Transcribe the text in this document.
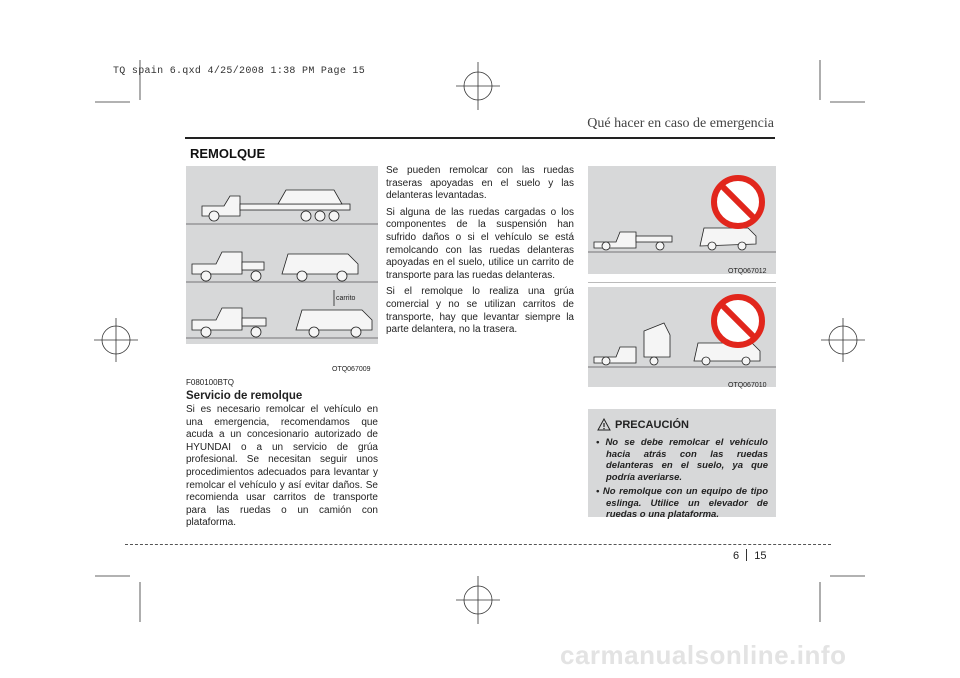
TQ spain 6.qxd 4/25/2008 1:38 PM Page 15
Qué hacer en caso de emergencia
REMOLQUE
carrito
OTQ067009
F080100BTQ
Servicio de remolque
Si es necesario remolcar el vehículo en una emergencia, recomendamos que acuda a un concesionario autorizado de HYUNDAI o a un servicio de grúa profesional. Se necesitan seguir unos procedimientos adecuados para levantar y remolcar el vehículo y así evitar daños. Se recomienda usar carritos de transporte para las ruedas o un camión con plataforma.

Se pueden remolcar con las ruedas traseras apoyadas en el suelo y las delanteras levantadas.

Si alguna de las ruedas cargadas o los componentes de la suspensión han sufrido daños o si el vehículo se está remolcando con las ruedas delanteras apoyadas en el suelo, utilice un carrito de transporte para las ruedas delanteras.

Si el remolque lo realiza una grúa comercial y no se utilizan carritos de transporte, hay que levantar siempre la parte delantera, no la trasera.

OTQ067012
OTQ067010
PRECAUCIÓN
• No se debe remolcar el vehículo hacia atrás con las ruedas delanteras en el suelo, ya que podría averiarse.
• No remolque con un equipo de tipo eslinga. Utilice un elevador de ruedas o una plataforma.
6 15
carmanualsonline.info
